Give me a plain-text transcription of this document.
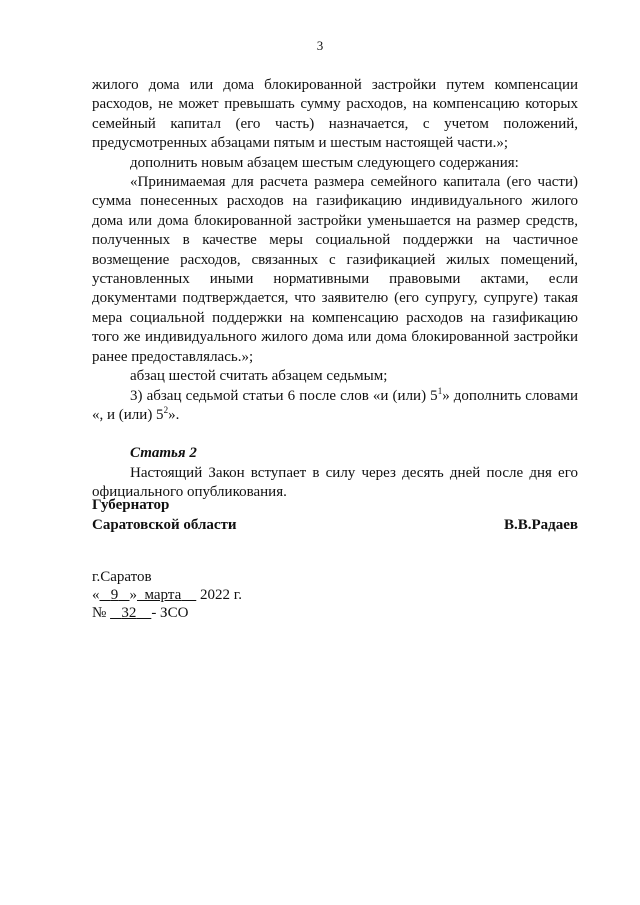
3

жилого дома или дома блокированной застройки путем компенсации расходов, не может превышать сумму расходов, на компенсацию которых семейный капитал (его часть) назначается, с учетом положений, предусмотренных абзацами пятым и шестым настоящей части.»;

дополнить новым абзацем шестым следующего содержания:

«Принимаемая для расчета размера семейного капитала (его части) сумма понесенных расходов на газификацию индивидуального жилого дома или дома блокированной застройки уменьшается на размер средств, полученных в качестве меры социальной поддержки на частичное возмещение расходов, связанных с газификацией жилых помещений, установленных иными нормативными правовыми актами, если документами подтверждается, что заявителю (его супругу, супруге) такая мера социальной поддержки на компенсацию расходов на газификацию того же индивидуального жилого дома или дома блокированной застройки ранее предоставлялась.»;

абзац шестой считать абзацем седьмым;

3) абзац седьмой статьи 6 после слов «и (или) $5^1$» дополнить словами «, и (или) $5^2$».

Статья 2

Настоящий Закон вступает в силу через десять дней после дня его официального опубликования.

Губернатор
Саратовской области	В.В.Радаев
г.Саратов
« 9 » марта 2022 г.
№ 32 - ЗСО
